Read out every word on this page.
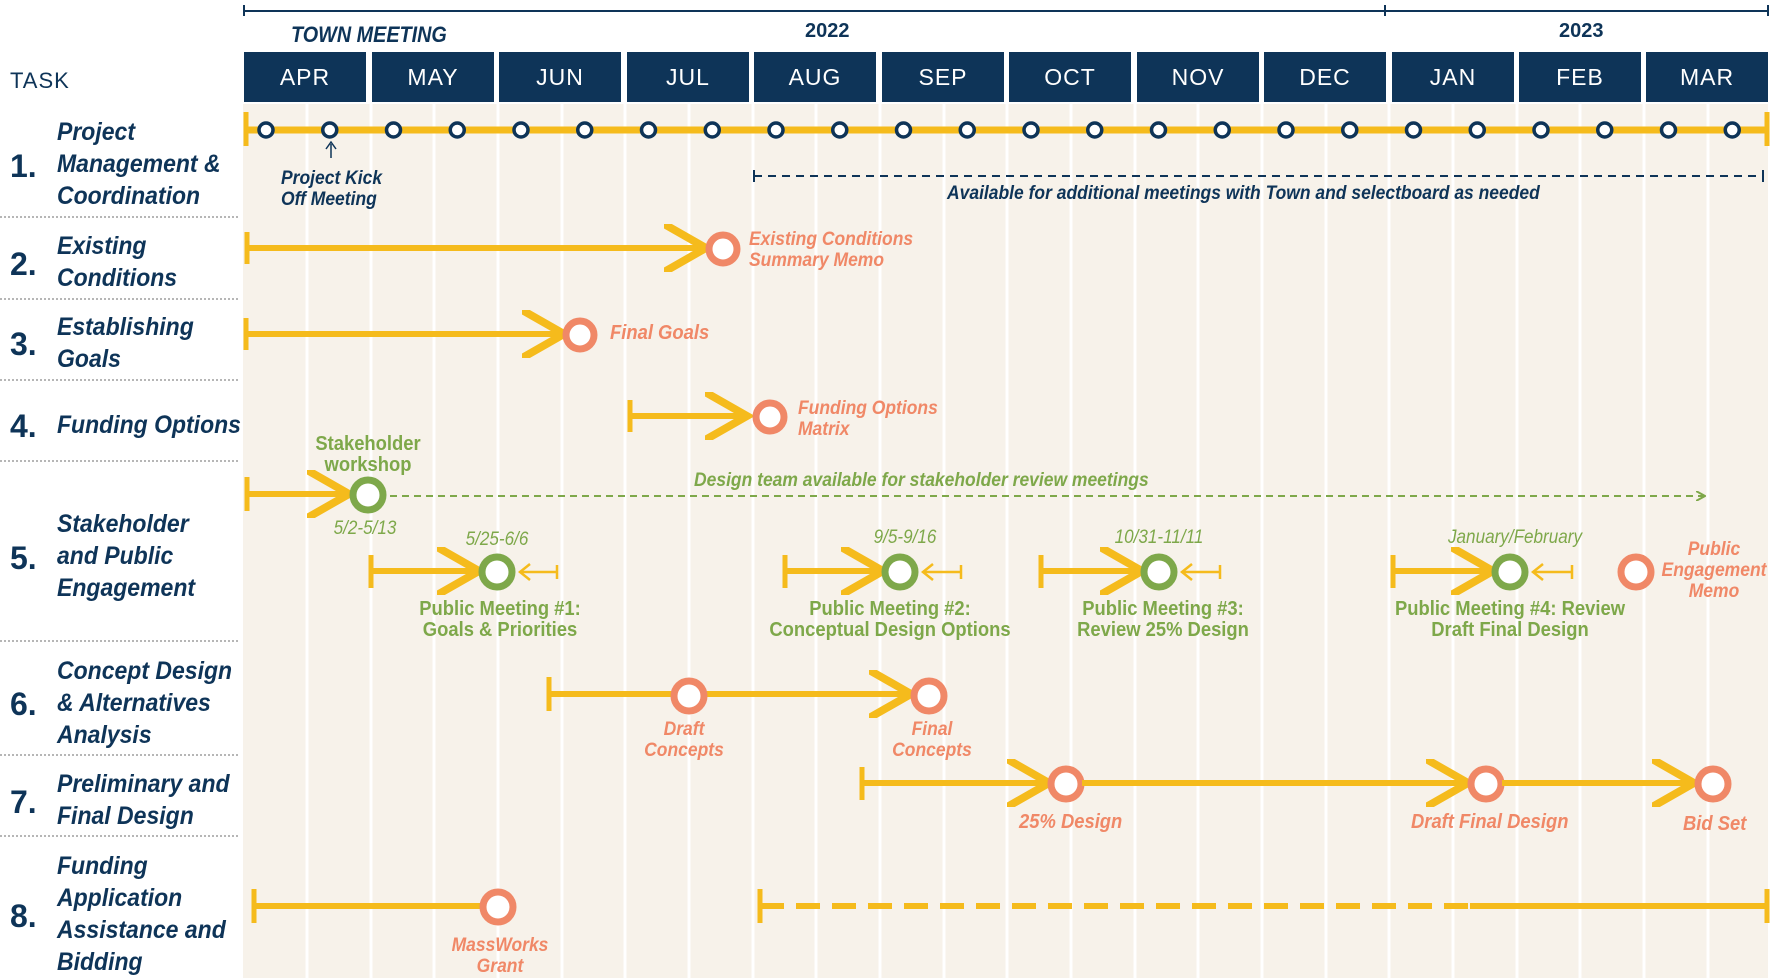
TASK
TOWN MEETING	2022	2023
APR	MAY	JUN	JUL	AUG	SEP	OCT	NOV	DEC	JAN	FEB	MAR
1.
Project
Management &
Coordination
2. Existing
Conditions
3. Establishing
Goals
4. Funding Options
5.
Stakeholder
and Public
Engagement
6.
Concept Design
& Alternatives
Analysis
7. Preliminary and
Final Design
8.
Funding
Application
Assistance and
Bidding
Project Kick
Off Meeting	Available for additional meetings with Town and selectboard as needed
Existing Conditions
Summary Memo
Final Goals
Funding Options
Matrix
Stakeholder
workshop
5/2-5/13
Design team available for stakeholder review meetings
5/25-6/6
Public Meeting #1:
Goals & Priorities
9/5-9/16
Public Meeting #2:
Conceptual Design Options
10/31-11/11
Public Meeting #3:
Review 25% Design
January/February
Public Meeting #4: Review
Draft Final Design
Public
Engagement
Memo
Draft
Concepts
Final
Concepts
25% Design	Draft Final Design	Bid Set
MassWorks
Grant
